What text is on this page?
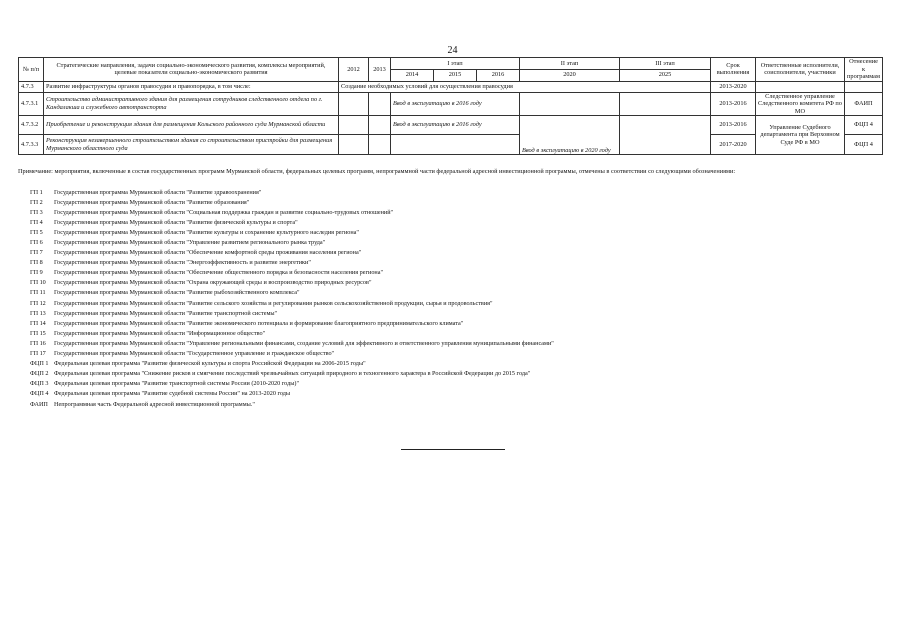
24
№ п/п	Стратегические направления, задачи социально-экономического развития, комплексы мероприятий, целевые показатели социально-экономического развития	2012	2013	I этап			II этап	III этап	Срок выполнения	Ответственные исполнители, соисполнители, участники	Отнесение к программам
				2014	2015	2016	2020	2025			
4.7.3	Развитие инфраструктуры органов правосудия и правопорядка, в том числе:	Создание необходимых условий для осуществления правосудия							2013-2020		
4.7.3.1	Строительство административного здания для размещения сотрудников следственного отдела по г. Кандалакша и служебного автотранспорта			Ввод в эксплуатацию в 2016 году					2013-2016	Следственное управление Следственного комитета РФ по МО	ФАИП
4.7.3.2	Приобретение и реконструкция здания для размещения Кольского районного суда Мурманской области			Ввод в эксплуатацию в 2016 году			Ввод в эксплуатацию в 2020 году		2013-2016	Управление Судебного департамента при Верховном Суде РФ в МО	ФЦП 4
4.7.3.3	Реконструкция незавершенного строительством здания со строительством пристройки для размещения Мурманского областного суда								2017-2020		ФЦП 4
Примечание: мероприятия, включенные в состав государственных программ Мурманской области, федеральных целевых программ, непрограммной части федеральной адресной инвестиционной программы, отмечены в соответствии со следующими обозначениями:
ГП 1	Государственная программа Мурманской области "Развитие здравоохранения"
ГП 2	Государственная программа Мурманской области "Развитие образования"
ГП 3	Государственная программа Мурманской области "Социальная поддержка граждан и развитие социально-трудовых отношений"
ГП 4	Государственная программа Мурманской области "Развитие физической культуры и спорта"
ГП 5	Государственная программа Мурманской области "Развитие культуры и сохранение культурного наследия региона"
ГП 6	Государственная программа Мурманской области "Управление развитием регионального рынка труда"
ГП 7	Государственная программа Мурманской области "Обеспечение комфортной среды проживания населения региона"
ГП 8	Государственная программа Мурманской области "Энергоэффективность и развитие энергетики"
ГП 9	Государственная программа Мурманской области "Обеспечение общественного порядка и безопасности населения региона"
ГП 10	Государственная программа Мурманской области "Охрана окружающей среды и воспроизводство природных ресурсов"
ГП 11	Государственная программа Мурманской области "Развитие рыбохозяйственного комплекса"
ГП 12	Государственная программа Мурманской области "Развитие сельского хозяйства и регулирования рынков сельскохозяйственной продукции, сырья и продовольствия"
ГП 13	Государственная программа Мурманской области "Развитие транспортной системы"
ГП 14	Государственная программа Мурманской области "Развитие экономического потенциала и формирование благоприятного предпринимательского климата"
ГП 15	Государственная программа Мурманской области "Информационное общество"
ГП 16	Государственная программа Мурманской области "Управление региональными финансами, создание условий для эффективного и ответственного управления муниципальными финансами"
ГП 17	Государственная программа Мурманской области "Государственное управление и гражданское общество"
ФЦП 1 Федеральная целевая программа "Развитие физической культуры и спорта Российской Федерации на 2006-2015 годы"
ФЦП 2 Федеральная целевая программа "Снижение рисков и смягчение последствий чрезвычайных ситуаций природного и техногенного характера в Российской Федерации до 2015 года"
ФЦП 3 Федеральная целевая программа "Развитие транспортной системы России (2010-2020 годы)"
ФЦП 4 Федеральная целевая программа "Развитие судебной системы России" на 2013-2020 годы
ФАИП Непрограммная часть Федеральной адресной инвестиционной программы."
